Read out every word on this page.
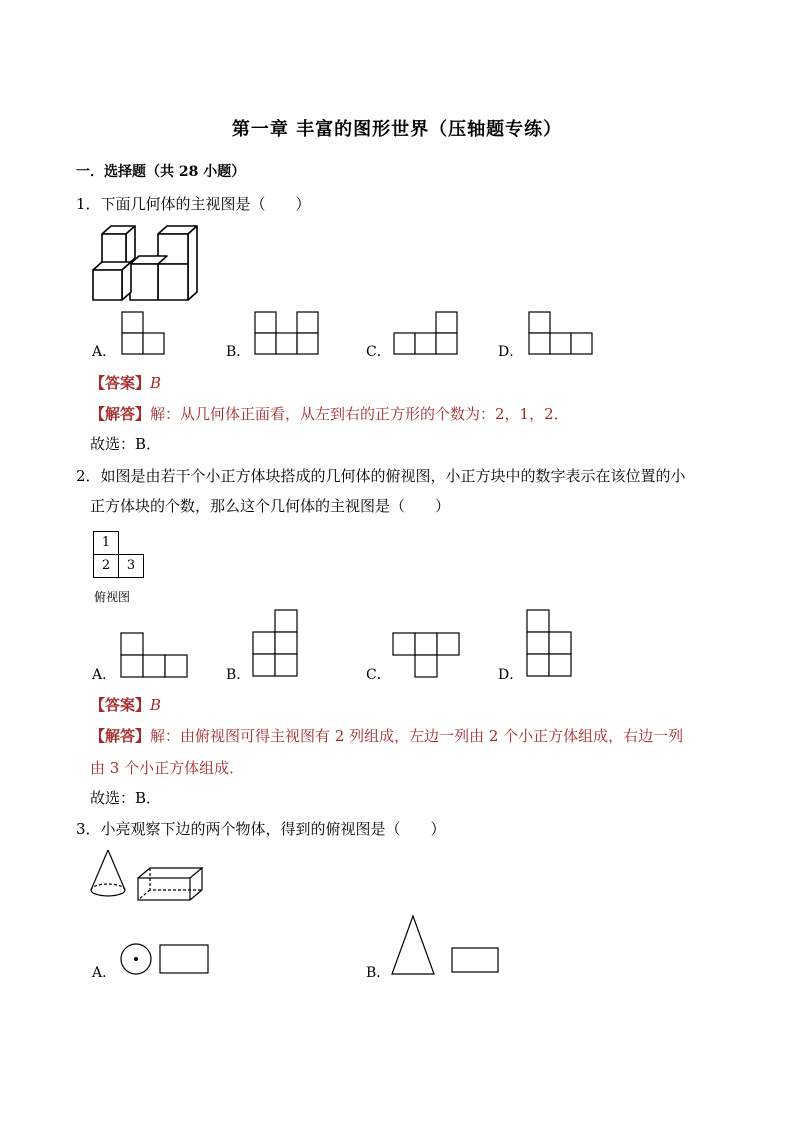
第一章 丰富的图形世界（压轴题专练）
一．选择题（共 28 小题）
1．下面几何体的主视图是（　　）
A．	B．	C．	D．
【答案】B
【解答】解：从几何体正面看，从左到右的正方形的个数为：2，1，2．
故选：B．
2．如图是由若干个小正方体块搭成的几何体的俯视图，小正方块中的数字表示在该位置的小
正方体块的个数，那么这个几何体的主视图是（　　）
1
2	3
俯视图
A．	B．	C．	D．
【答案】B
【解答】解：由俯视图可得主视图有 2 列组成，左边一列由 2 个小正方体组成，右边一列
由 3 个小正方体组成．
故选：B．
3．小亮观察下边的两个物体，得到的俯视图是（　　）
A．	B．
